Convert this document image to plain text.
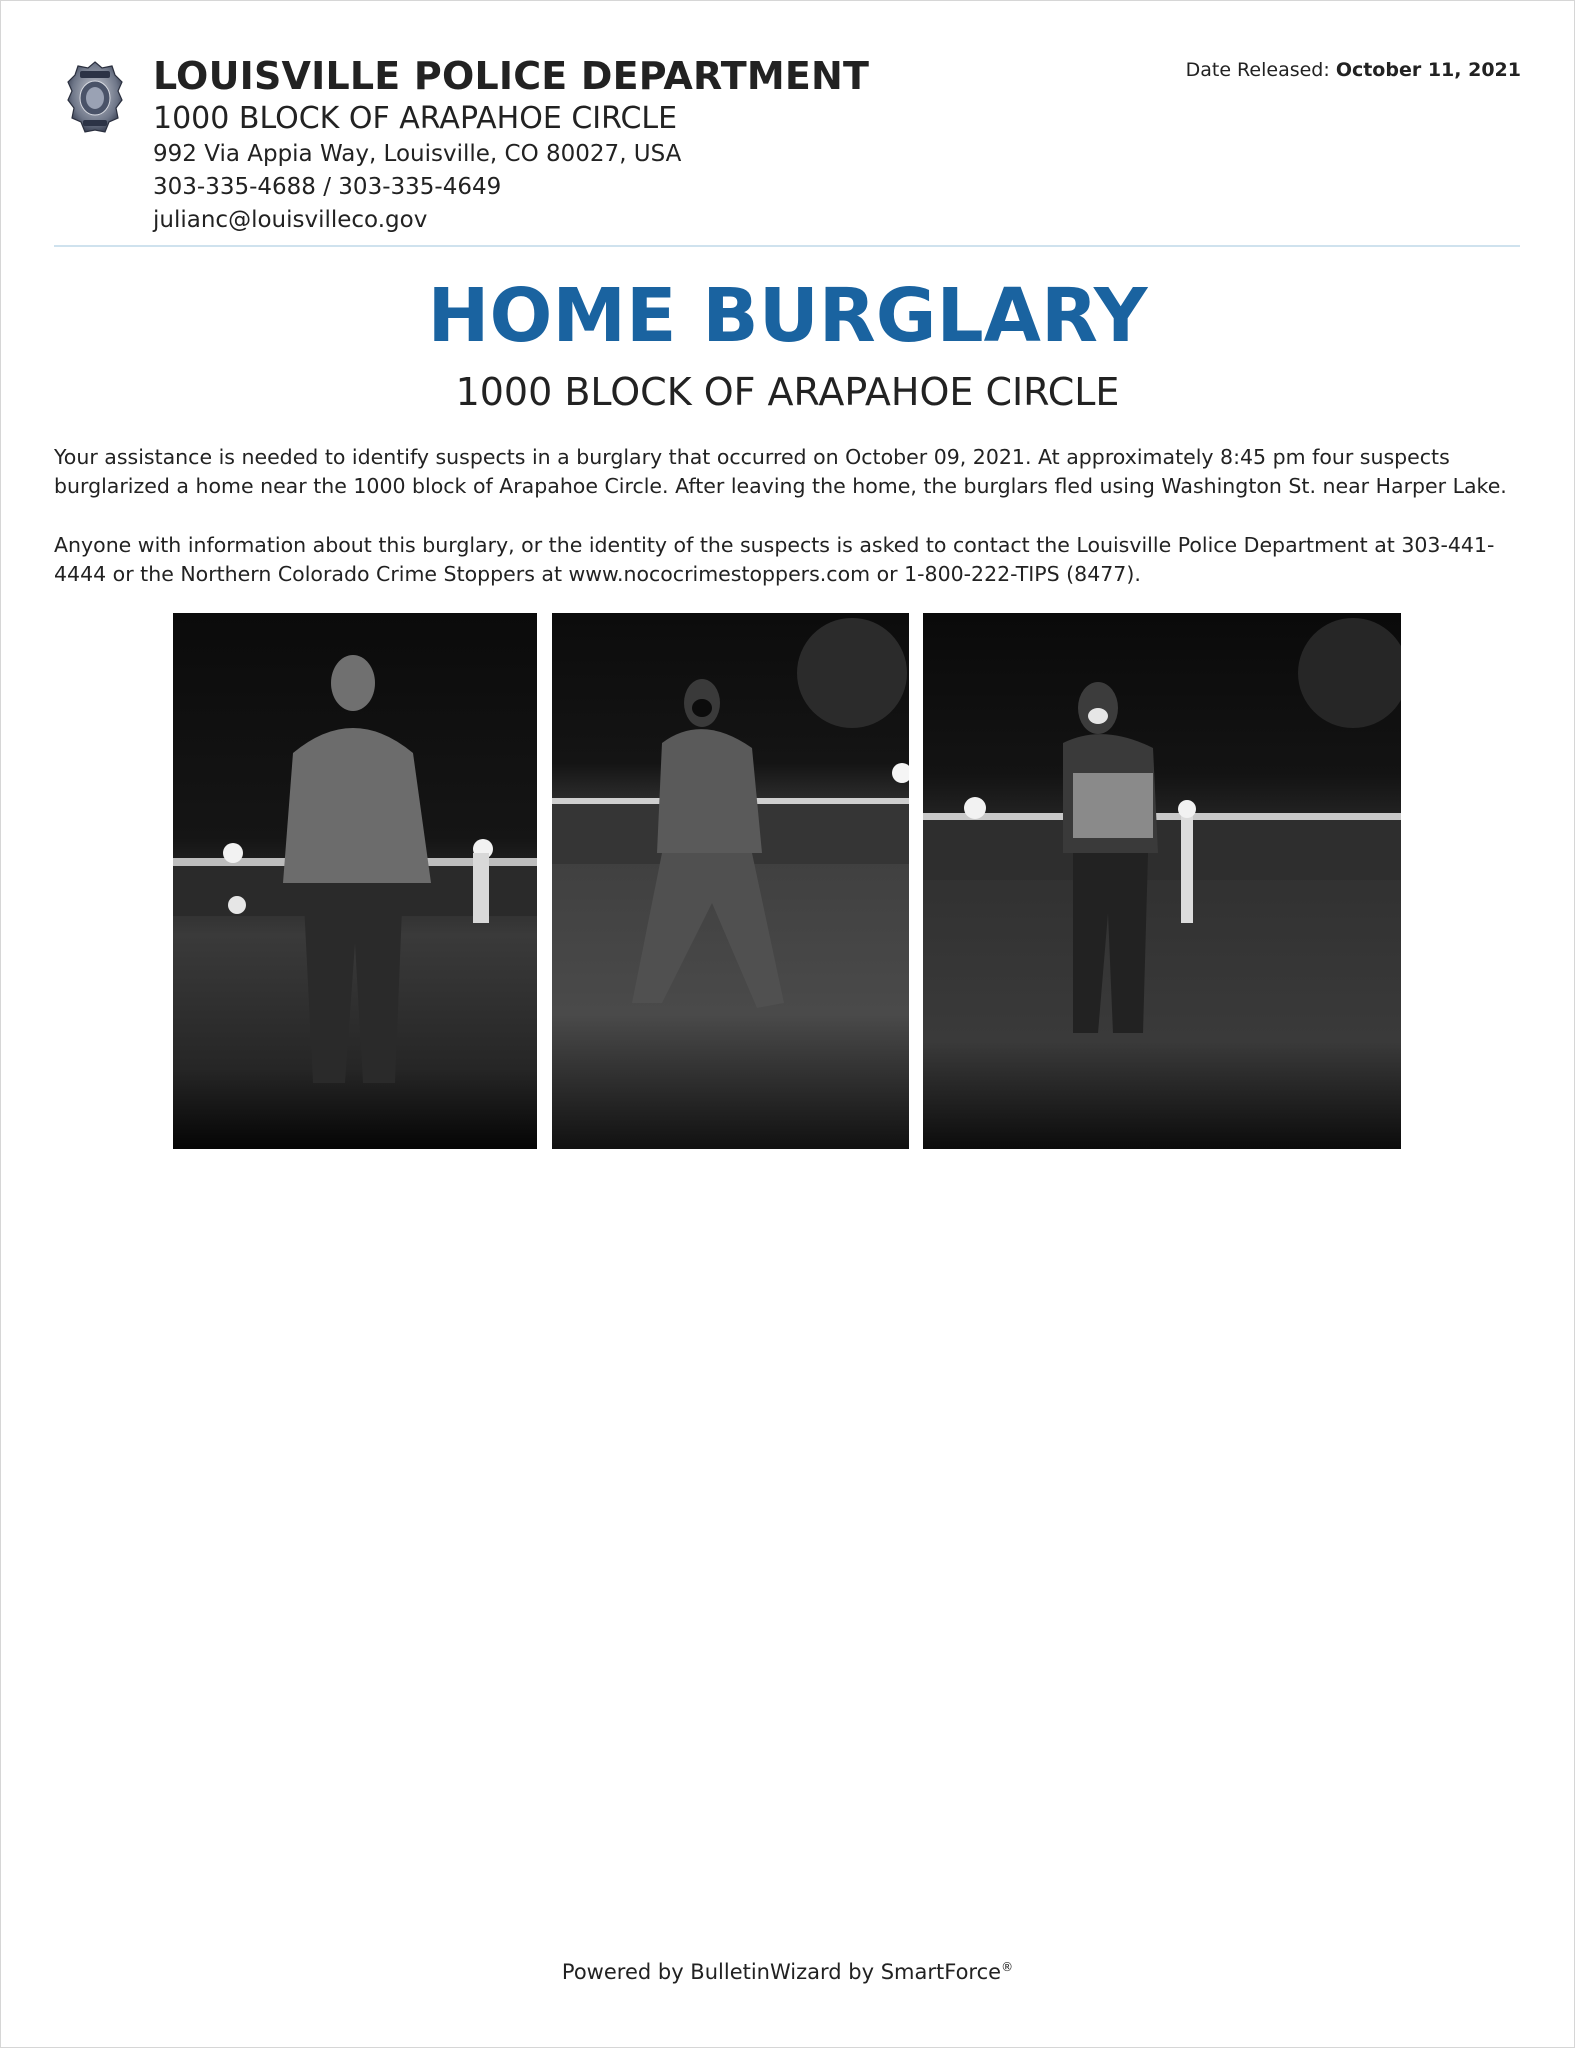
LOUISVILLE POLICE DEPARTMENT
1000 BLOCK OF ARAPAHOE CIRCLE
992 Via Appia Way, Louisville, CO 80027, USA
303-335-4688 / 303-335-4649
julianc@louisvilleco.gov
Date Released: October 11, 2021
HOME BURGLARY
1000 BLOCK OF ARAPAHOE CIRCLE
Your assistance is needed to identify suspects in a burglary that occurred on October 09, 2021. At approximately 8:45 pm four suspects burglarized a home near the 1000 block of Arapahoe Circle. After leaving the home, the burglars fled using Washington St. near Harper Lake.
Anyone with information about this burglary, or the identity of the suspects is asked to contact the Louisville Police Department at 303-441-4444 or the Northern Colorado Crime Stoppers at www.nococrimestoppers.com or 1-800-222-TIPS (8477).
Powered by BulletinWizard by SmartForce®
